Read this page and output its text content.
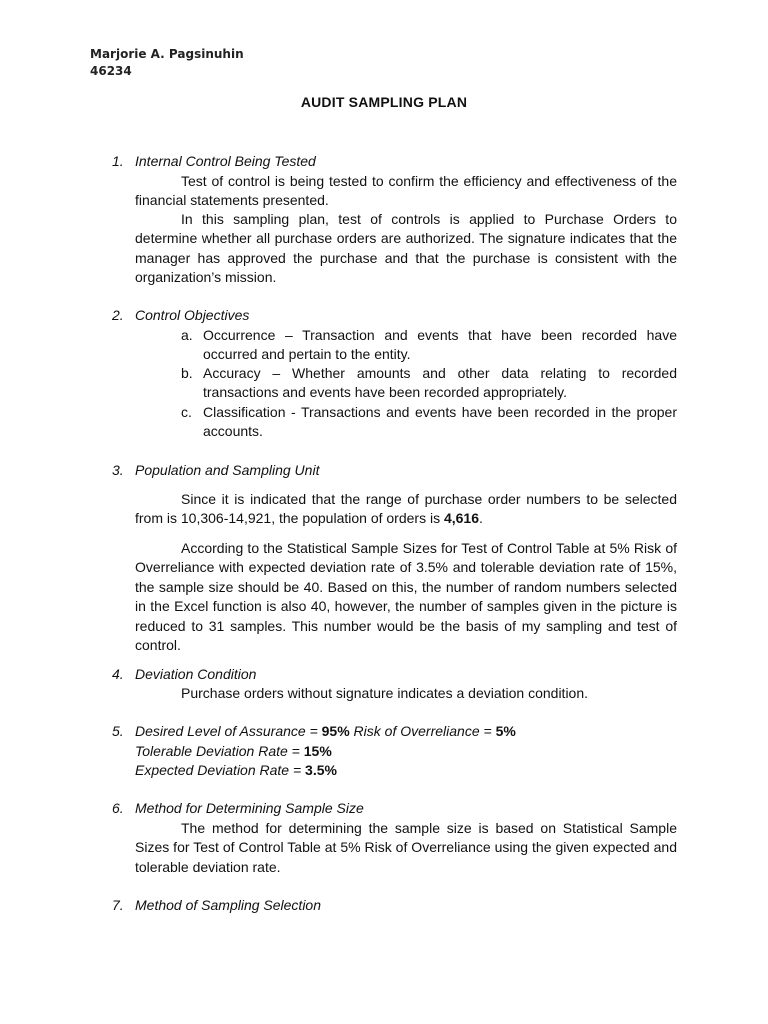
Marjorie A. Pagsinuhin
46234
AUDIT SAMPLING PLAN
1. Internal Control Being Tested
Test of control is being tested to confirm the efficiency and effectiveness of the financial statements presented.
In this sampling plan, test of controls is applied to Purchase Orders to determine whether all purchase orders are authorized. The signature indicates that the manager has approved the purchase and that the purchase is consistent with the organization’s mission.
2. Control Objectives
a. Occurrence – Transaction and events that have been recorded have occurred and pertain to the entity.
b. Accuracy – Whether amounts and other data relating to recorded transactions and events have been recorded appropriately.
c. Classification - Transactions and events have been recorded in the proper accounts.
3. Population and Sampling Unit
Since it is indicated that the range of purchase order numbers to be selected from is 10,306-14,921, the population of orders is 4,616.
According to the Statistical Sample Sizes for Test of Control Table at 5% Risk of Overreliance with expected deviation rate of 3.5% and tolerable deviation rate of 15%, the sample size should be 40. Based on this, the number of random numbers selected in the Excel function is also 40, however, the number of samples given in the picture is reduced to 31 samples. This number would be the basis of my sampling and test of control.
4. Deviation Condition
Purchase orders without signature indicates a deviation condition.
5. Desired Level of Assurance = 95% Risk of Overreliance = 5%
Tolerable Deviation Rate = 15%
Expected Deviation Rate = 3.5%
6. Method for Determining Sample Size
The method for determining the sample size is based on Statistical Sample Sizes for Test of Control Table at 5% Risk of Overreliance using the given expected and tolerable deviation rate.
7. Method of Sampling Selection
